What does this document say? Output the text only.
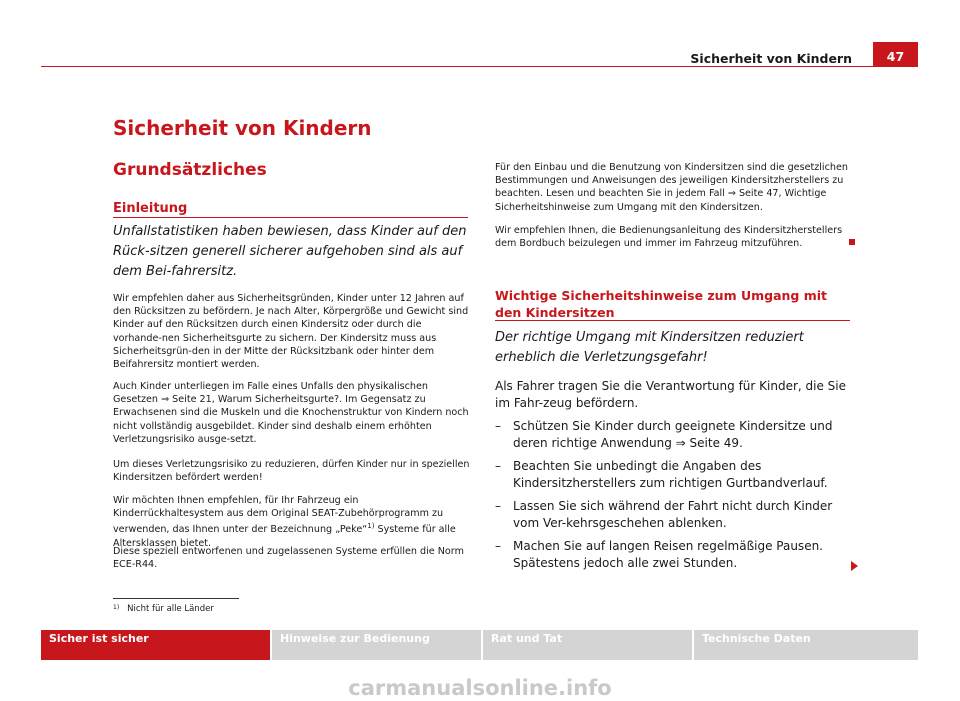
Sicherheit von Kindern	47
Sicherheit von Kindern
Grundsätzliches
Einleitung
Unfallstatistiken haben bewiesen, dass Kinder auf den Rück-sitzen generell sicherer aufgehoben sind als auf dem Bei-fahrersitz.

Wir empfehlen daher aus Sicherheitsgründen, Kinder unter 12 Jahren auf den Rücksitzen zu befördern. Je nach Alter, Körpergröße und Gewicht sind Kinder auf den Rücksitzen durch einen Kindersitz oder durch die vorhande-nen Sicherheitsgurte zu sichern. Der Kindersitz muss aus Sicherheitsgrün-den in der Mitte der Rücksitzbank oder hinter dem Beifahrersitz montiert werden.

Auch Kinder unterliegen im Falle eines Unfalls den physikalischen Gesetzen ⇒ Seite 21, Warum Sicherheitsgurte?. Im Gegensatz zu Erwachsenen sind die Muskeln und die Knochenstruktur von Kindern noch nicht vollständig ausgebildet. Kinder sind deshalb einem erhöhten Verletzungsrisiko ausge-setzt.

Um dieses Verletzungsrisiko zu reduzieren, dürfen Kinder nur in speziellen Kindersitzen befördert werden!

Wir möchten Ihnen empfehlen, für Ihr Fahrzeug ein Kinderrückhaltesystem aus dem Original SEAT-Zubehörprogramm zu verwenden, das Ihnen unter der Bezeichnung „Peke“$^{1)}$ Systeme für alle Altersklassen bietet.

Diese speziell entworfenen und zugelassenen Systeme erfüllen die Norm ECE-R44.

Für den Einbau und die Benutzung von Kindersitzen sind die gesetzlichen Bestimmungen und Anweisungen des jeweiligen Kindersitzherstellers zu beachten. Lesen und beachten Sie in jedem Fall ⇒ Seite 47, Wichtige Sicherheitshinweise zum Umgang mit den Kindersitzen.

Wir empfehlen Ihnen, die Bedienungsanleitung des Kindersitzherstellers dem Bordbuch beizulegen und immer im Fahrzeug mitzuführen.

Wichtige Sicherheitshinweise zum Umgang mit den Kindersitzen
Der richtige Umgang mit Kindersitzen reduziert erheblich die Verletzungsgefahr!
Als Fahrer tragen Sie die Verantwortung für Kinder, die Sie im Fahr-zeug befördern.
– Schützen Sie Kinder durch geeignete Kindersitze und deren richtige Anwendung ⇒ Seite 49.
– Beachten Sie unbedingt die Angaben des Kindersitzherstellers zum richtigen Gurtbandverlauf.
– Lassen Sie sich während der Fahrt nicht durch Kinder vom Ver-kehrsgeschehen ablenken.
– Machen Sie auf langen Reisen regelmäßige Pausen. Spätestens jedoch alle zwei Stunden.
$^{1)}$ Nicht für alle Länder
Sicher ist sicher	Hinweise zur Bedienung	Rat und Tat	Technische Daten
carmanualsonline.info
